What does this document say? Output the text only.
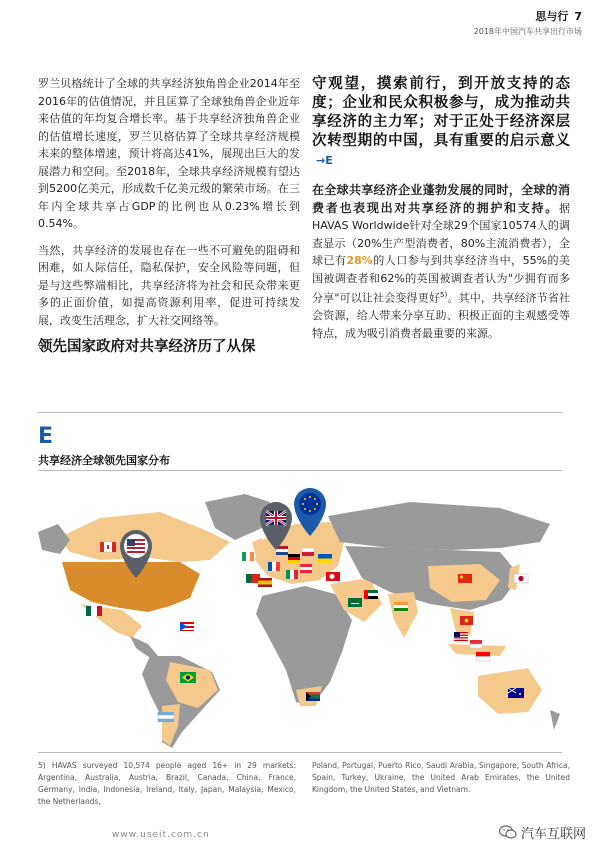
思与行 7
2018年中国汽车共享出行市场

罗兰贝格统计了全球的共享经济独角兽企业2014年至2016年的估值情况，并且匡算了全球独角兽企业近年来估值的年均复合增长率。基于共享经济独角兽企业的估值增长速度，罗兰贝格估算了全球共享经济规模未来的整体增速，预计将高达41%，展现出巨大的发展潜力和空间。至2018年，全球共享经济规模有望达到5200亿美元，形成数千亿美元级的繁荣市场。在三年内全球共享占GDP的比例也从0.23%增长到0.54%。

当然，共享经济的发展也存在一些不可避免的阻碍和困难，如人际信任，隐私保护，安全风险等问题，但是与这些弊端相比，共享经济将为社会和民众带来更多的正面价值，如提高资源利用率，促进可持续发展，改变生活理念，扩大社交网络等。

领先国家政府对共享经济历了从保
守观望，摸索前行，到开放支持的态度；企业和民众积极参与，成为推动共享经济的主力军；对于正处于经济深层次转型期的中国，具有重要的启示意义→E

在全球共享经济企业蓬勃发展的同时，全球的消费者也表现出对共享经济的拥护和支持。据HAVAS Worldwide针对全球29个国家10574人的调查显示（20%生产型消费者，80%主流消费者），全球已有28%的人口参与到共享经济当中，55%的美国被调查者和62%的英国被调查者认为"少拥有而多分享"可以让社会变得更好$^{5)}$。其中，共享经济节省社会资源，给人带来分享互助、积极正面的主观感受等特点，成为吸引消费者最重要的来源。

E
共享经济全球领先国家分布
5) HAVAS surveyed 10,574 people aged 16+ in 29 markets: Argentina, Australia, Austria, Brazil, Canada, China, France, Germany, India, Indonesia, Ireland, Italy, Japan, Malaysia, Mexico, the Netherlands,
Poland, Portugal, Puerto Rico, Saudi Arabia, Singapore, South Africa, Spain, Turkey, Ukraine, the United Arab Emirates, the United Kingdom, the United States, and Vietnam.
www.useit.com.cn	汽车互联网
